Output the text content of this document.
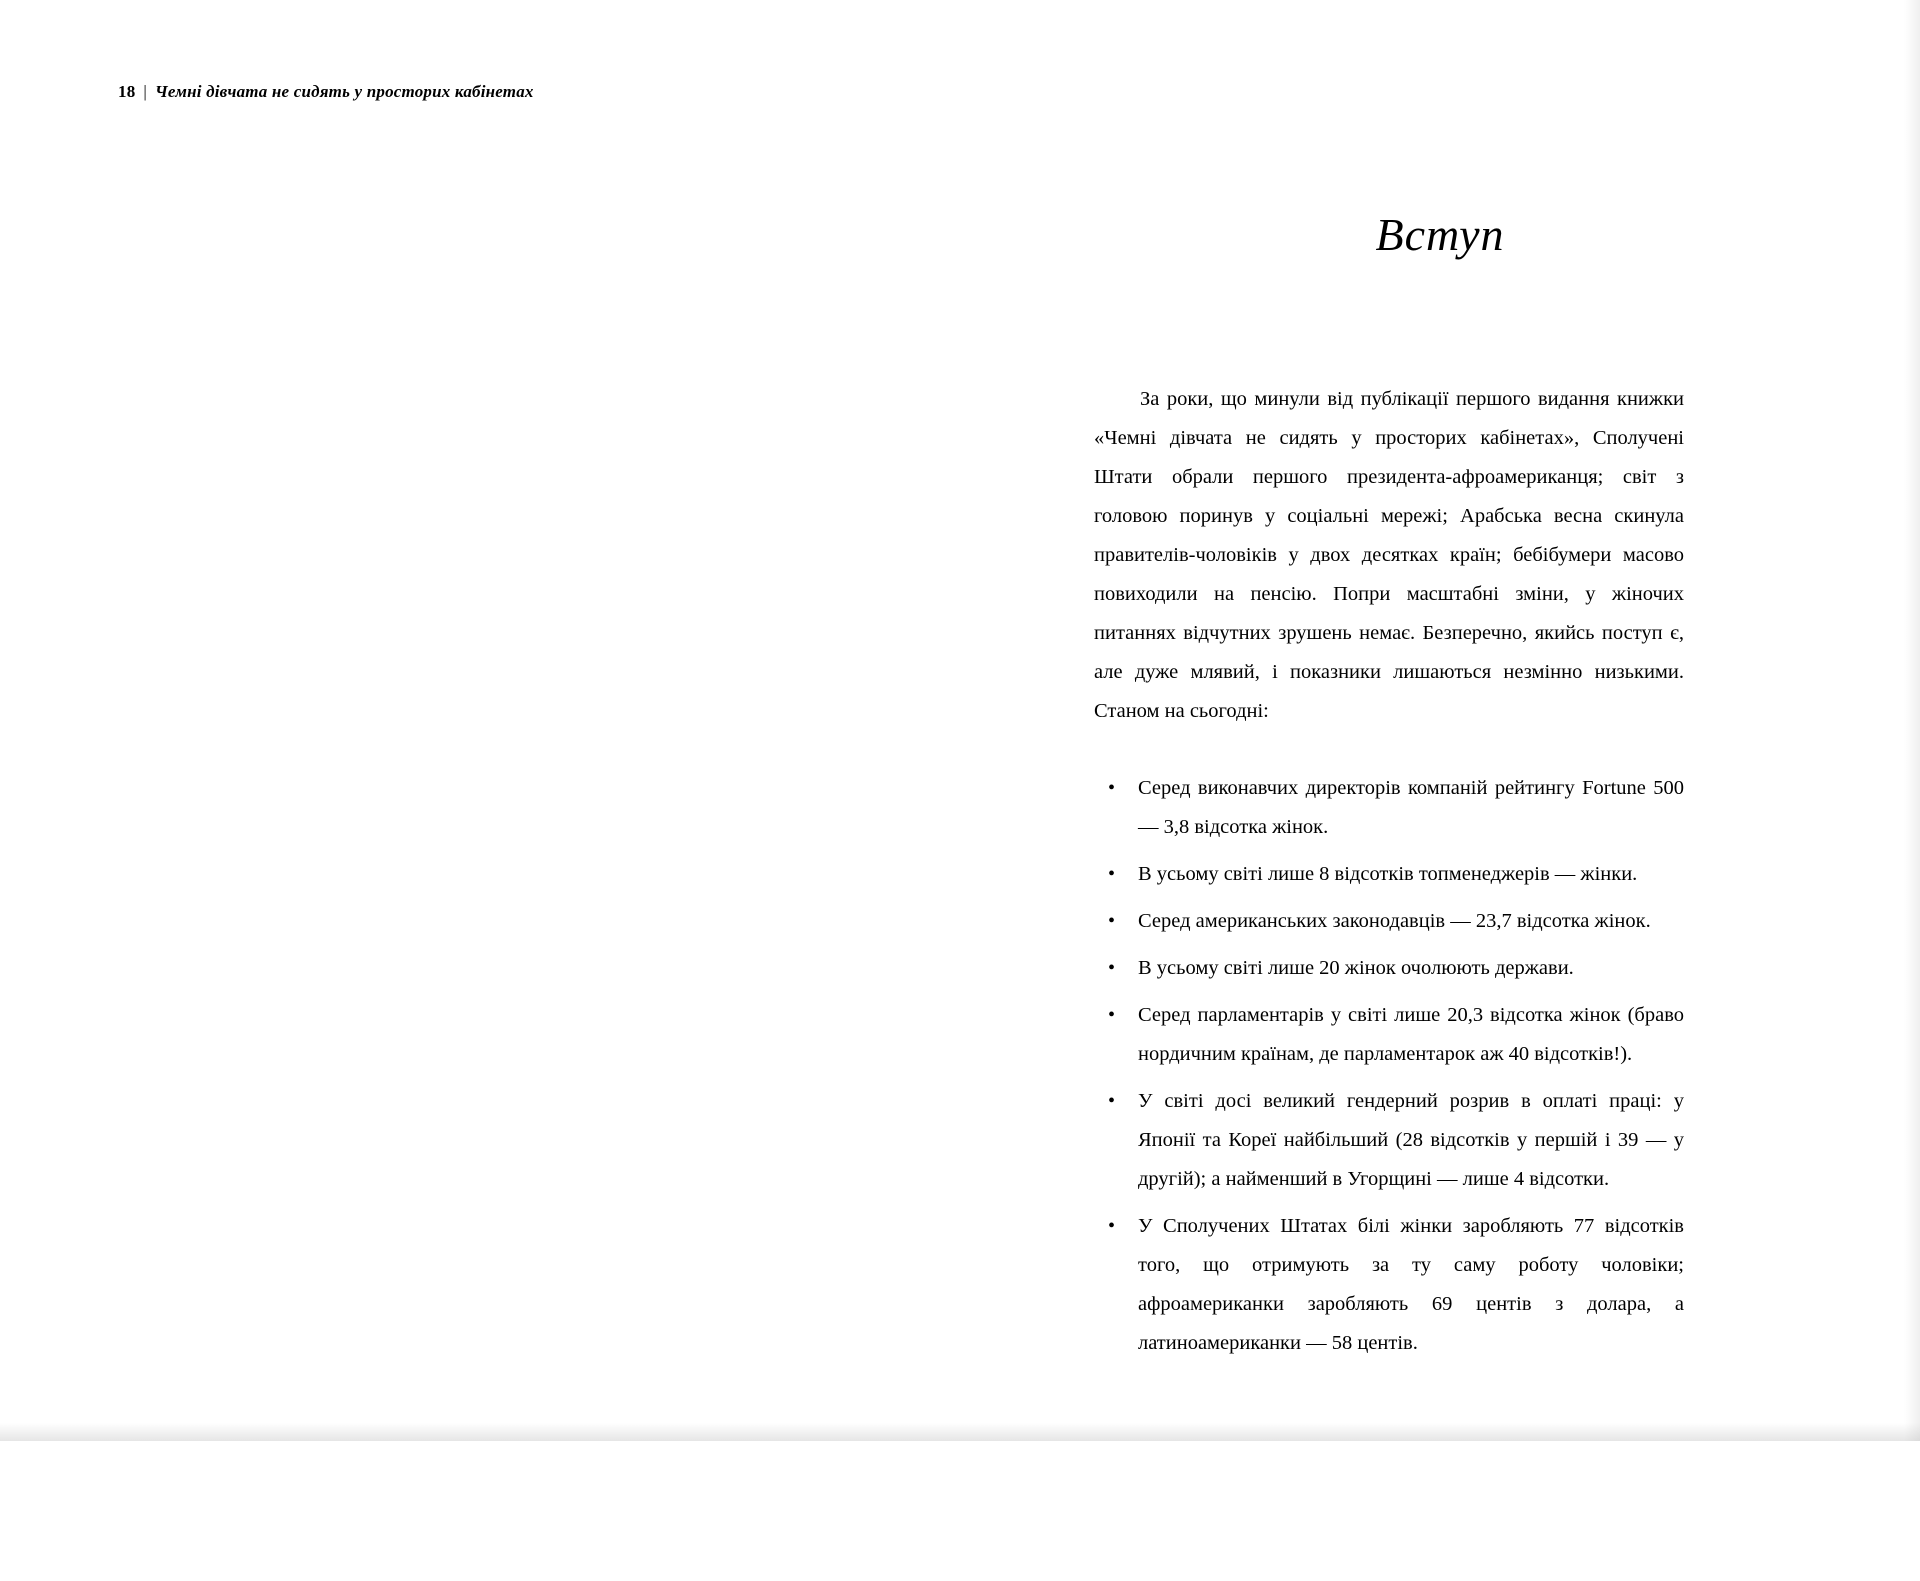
18 | Чемні дівчата не сидять у просторих кабінетах
Вступ

За роки, що минули від публікації першого видання книжки «Чемні дівчата не сидять у просторих кабінетах», Сполучені Штати обрали першого президента-афроамериканця; світ з головою поринув у соціальні мережі; Арабська весна скинула правителів-чоловіків у двох десятках країн; бебібумери масово повиходили на пенсію. Попри масштабні зміни, у жіночих питаннях відчутних зрушень немає. Безперечно, якийсь поступ є, але дуже млявий, і показники лишаються незмінно низькими. Станом на сьогодні:

• Серед виконавчих директорів компаній рейтингу Fortune 500 — 3,8 відсотка жінок.
• В усьому світі лише 8 відсотків топменеджерів — жінки.
• Серед американських законодавців — 23,7 відсотка жінок.
• В усьому світі лише 20 жінок очолюють держави.
• Серед парламентарів у світі лише 20,3 відсотка жінок (браво нордичним країнам, де парламентарок аж 40 відсотків!).
• У світі досі великий гендерний розрив в оплаті праці: у Японії та Кореї найбільший (28 відсотків у першій і 39 — у другій); а найменший в Угорщині — лише 4 відсотки.
• У Сполучених Штатах білі жінки заробляють 77 відсотків того, що отримують за ту саму роботу чоловіки; афроамериканки заробляють 69 центів з долара, а латиноамериканки — 58 центів.
